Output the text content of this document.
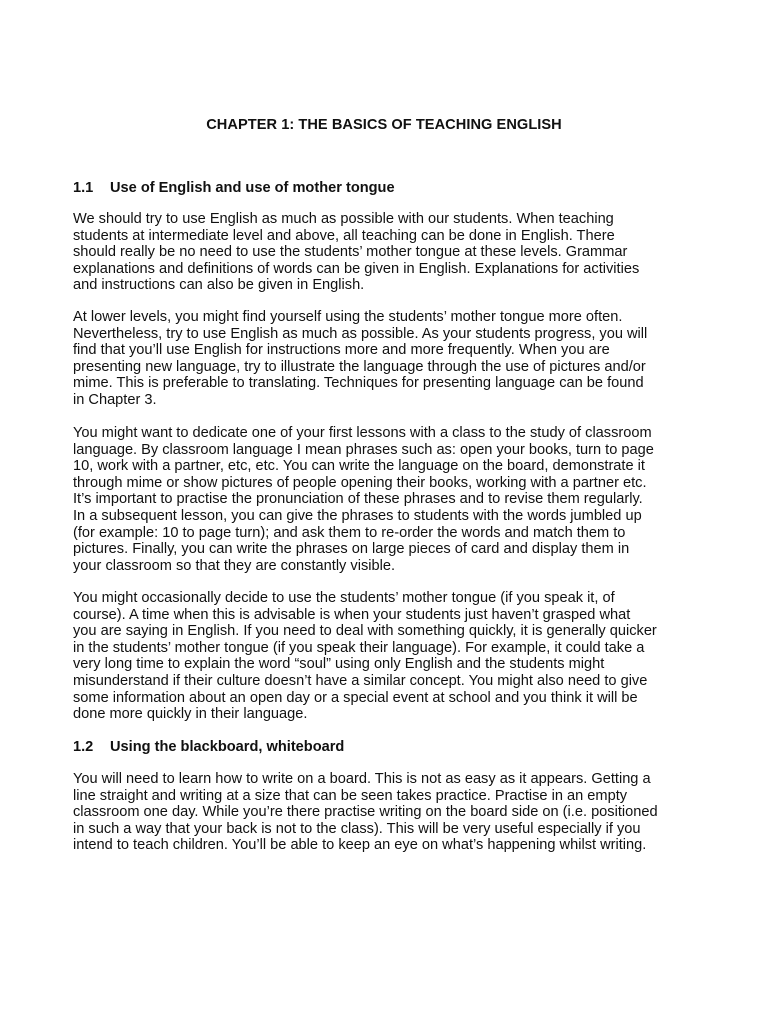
CHAPTER 1: THE BASICS OF TEACHING ENGLISH
1.1 Use of English and use of mother tongue
We should try to use English as much as possible with our students. When teaching
students at intermediate level and above, all teaching can be done in English. There
should really be no need to use the students’ mother tongue at these levels. Grammar
explanations and definitions of words can be given in English. Explanations for activities
and instructions can also be given in English.
At lower levels, you might find yourself using the students’ mother tongue more often.
Nevertheless, try to use English as much as possible. As your students progress, you will
find that you’ll use English for instructions more and more frequently. When you are
presenting new language, try to illustrate the language through the use of pictures and/or
mime. This is preferable to translating. Techniques for presenting language can be found
in Chapter 3.
You might want to dedicate one of your first lessons with a class to the study of classroom
language. By classroom language I mean phrases such as: open your books, turn to page
10, work with a partner, etc, etc. You can write the language on the board, demonstrate it
through mime or show pictures of people opening their books, working with a partner etc.
It’s important to practise the pronunciation of these phrases and to revise them regularly.
In a subsequent lesson, you can give the phrases to students with the words jumbled up
(for example: 10 to page turn); and ask them to re-order the words and match them to
pictures. Finally, you can write the phrases on large pieces of card and display them in
your classroom so that they are constantly visible.
You might occasionally decide to use the students’ mother tongue (if you speak it, of
course). A time when this is advisable is when your students just haven’t grasped what
you are saying in English. If you need to deal with something quickly, it is generally quicker
in the students’ mother tongue (if you speak their language). For example, it could take a
very long time to explain the word “soul” using only English and the students might
misunderstand if their culture doesn’t have a similar concept. You might also need to give
some information about an open day or a special event at school and you think it will be
done more quickly in their language.
1.2 Using the blackboard, whiteboard
You will need to learn how to write on a board. This is not as easy as it appears. Getting a
line straight and writing at a size that can be seen takes practice. Practise in an empty
classroom one day. While you’re there practise writing on the board side on (i.e. positioned
in such a way that your back is not to the class). This will be very useful especially if you
intend to teach children. You’ll be able to keep an eye on what’s happening whilst writing.
